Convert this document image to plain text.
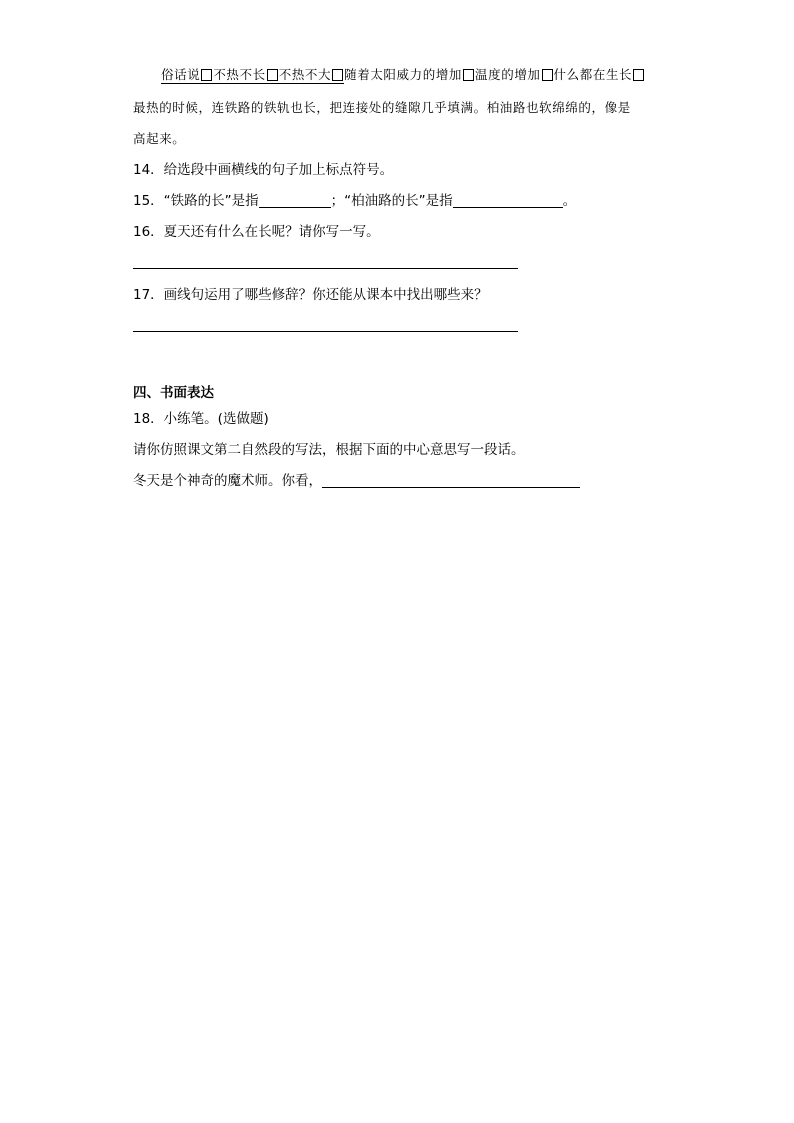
俗话说 不热不长 不热不大 随着太阳威力的增加 温度的增加 什么都在生长
最热的时候，连铁路的铁轨也长，把连接处的缝隙几乎填满。柏油路也软绵绵的，像是
高起来。
14．给选段中画横线的句子加上标点符号。
15．“铁路的长”是指	；“柏油路的长”是指	。
16．夏天还有什么在长呢？请你写一写。
17．画线句运用了哪些修辞？你还能从课本中找出哪些来？
四、书面表达
18．小练笔。(选做题)
请你仿照课文第二自然段的写法，根据下面的中心意思写一段话。
冬天是个神奇的魔术师。你看，
